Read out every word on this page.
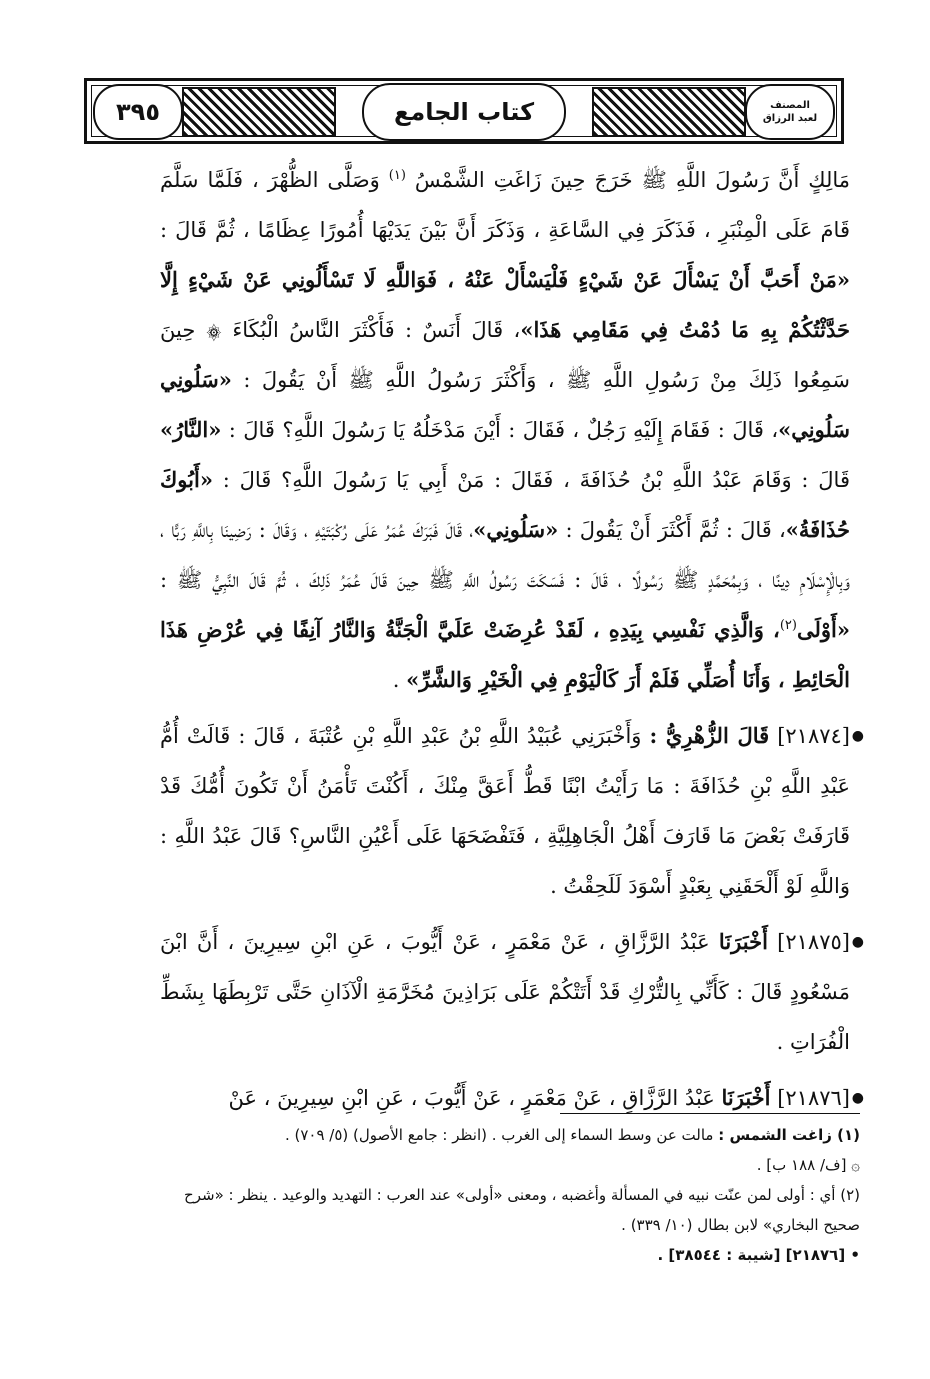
٣٩٥	كتاب الجامع	المصنف
لعبد الرزاق

مَالِكٍ أَنَّ رَسُولَ اللَّهِ ﷺ خَرَجَ حِينَ زَاغَتِ الشَّمْسُ $^{(١)}$ وَصَلَّى الظُّهْرَ ، فَلَمَّا سَلَّمَ قَامَ عَلَى الْمِنْبَرِ ، فَذَكَرَ فِي السَّاعَةِ ، وَذَكَرَ أَنَّ بَيْنَ يَدَيْهَا أُمُورًا عِظَامًا ، ثُمَّ قَالَ : «مَنْ أَحَبَّ أَنْ يَسْأَلَ عَنْ شَيْءٍ فَلْيَسْأَلْ عَنْهُ ، فَوَاللَّهِ لَا تَسْأَلُونِي عَنْ شَيْءٍ إِلَّا حَدَّثْتُكُمْ بِهِ مَا دُمْتُ فِي مَقَامِي هَذَا»، قَالَ أَنَسٌ : فَأَكْثَرَ النَّاسُ الْبُكَاءَ ۞ حِينَ سَمِعُوا ذَلِكَ مِنْ رَسُولِ اللَّهِ ﷺ ، وَأَكْثَرَ رَسُولُ اللَّهِ ﷺ أَنْ يَقُولَ : «سَلُونِي سَلُونِي»، قَالَ : فَقَامَ إِلَيْهِ رَجُلٌ ، فَقَالَ : أَيْنَ مَدْخَلُهُ يَا رَسُولَ اللَّهِ؟ قَالَ : «النَّارُ» قَالَ : وَقَامَ عَبْدُ اللَّهِ بْنُ حُذَافَةَ ، فَقَالَ : مَنْ أَبِي يَا رَسُولَ اللَّهِ؟ قَالَ : «أَبُوكَ حُذَافَةُ»، قَالَ : ثُمَّ أَكْثَرَ أَنْ يَقُولَ : «سَلُونِي»، قَالَ فَبَرَكَ عُمَرُ عَلَى رُكْبَتَيْهِ ، وَقَالَ : رَضِينَا بِاللَّهِ رَبًّا ، وَبِالْإِسْلَامِ دِينًا ، وَبِمُحَمَّدٍ ﷺ رَسُولًا ، قَالَ : فَسَكَتَ رَسُولُ اللَّهِ ﷺ حِينَ قَالَ عُمَرُ ذَلِكَ ، ثُمَّ قَالَ النَّبِيُّ ﷺ : «أَوْلَى$^{(٢)}$، وَالَّذِي نَفْسِي بِيَدِهِ ، لَقَدْ عُرِضَتْ عَلَيَّ الْجَنَّةُ وَالنَّارُ آنِفًا فِي عُرْضِ هَذَا الْحَائِطِ ، وَأَنَا أُصَلِّي فَلَمْ أَرَ كَالْيَوْمِ فِي الْخَيْرِ وَالشَّرِّ» .

●
[٢١٨٧٤] قَالَ الزُّهْرِيُّ : وَأَخْبَرَنِي عُبَيْدُ اللَّهِ بْنُ عَبْدِ اللَّهِ بْنِ عُتْبَةَ ، قَالَ : قَالَتْ أُمُّ عَبْدِ اللَّهِ بْنِ حُذَافَةَ : مَا رَأَيْتُ ابْنًا قَطُّ أَعَقَّ مِنْكَ ، أَكُنْتَ تَأْمَنُ أَنْ تَكُونَ أُمُّكَ قَدْ قَارَفَتْ بَعْضَ مَا قَارَفَ أَهْلُ الْجَاهِلِيَّةِ ، فَتَفْضَحَهَا عَلَى أَعْيُنِ النَّاسِ؟ قَالَ عَبْدُ اللَّهِ : وَاللَّهِ لَوْ أَلْحَقَنِي بِعَبْدٍ أَسْوَدَ لَلَحِقْتُ .

●
[٢١٨٧٥] أَخْبَرَنَا عَبْدُ الرَّزَّاقِ ، عَنْ مَعْمَرٍ ، عَنْ أَيُّوبَ ، عَنِ ابْنِ سِيرِينَ ، أَنَّ ابْنَ مَسْعُودٍ قَالَ : كَأَنِّي بِالتُّرْكِ قَدْ أَتَتْكُمْ عَلَى بَرَاذِينَ مُخَرَّمَةِ الْآذَانِ حَتَّى تَرْبِطَهَا بِشَطِّ الْفُرَاتِ .

●
[٢١٨٧٦] أَخْبَرَنَا عَبْدُ الرَّزَّاقِ ، عَنْ مَعْمَرٍ ، عَنْ أَيُّوبَ ، عَنِ ابْنِ سِيرِينَ ، عَنْ

(١) زاغت الشمس : مالت عن وسط السماء إلى الغرب . (انظر : جامع الأصول) (٥/ ٧٠٩) .

۞ [ف/ ١٨٨ ب] .

(٢) أي : أولى لمن عنّت نبيه في المسألة وأغضبه ، ومعنى «أولى» عند العرب : التهديد والوعيد . ينظر : «شرح صحيح البخاري» لابن بطال (١٠/ ٣٣٩) .

• [٢١٨٧٦] [شيبة : ٣٨٥٤٤] .
